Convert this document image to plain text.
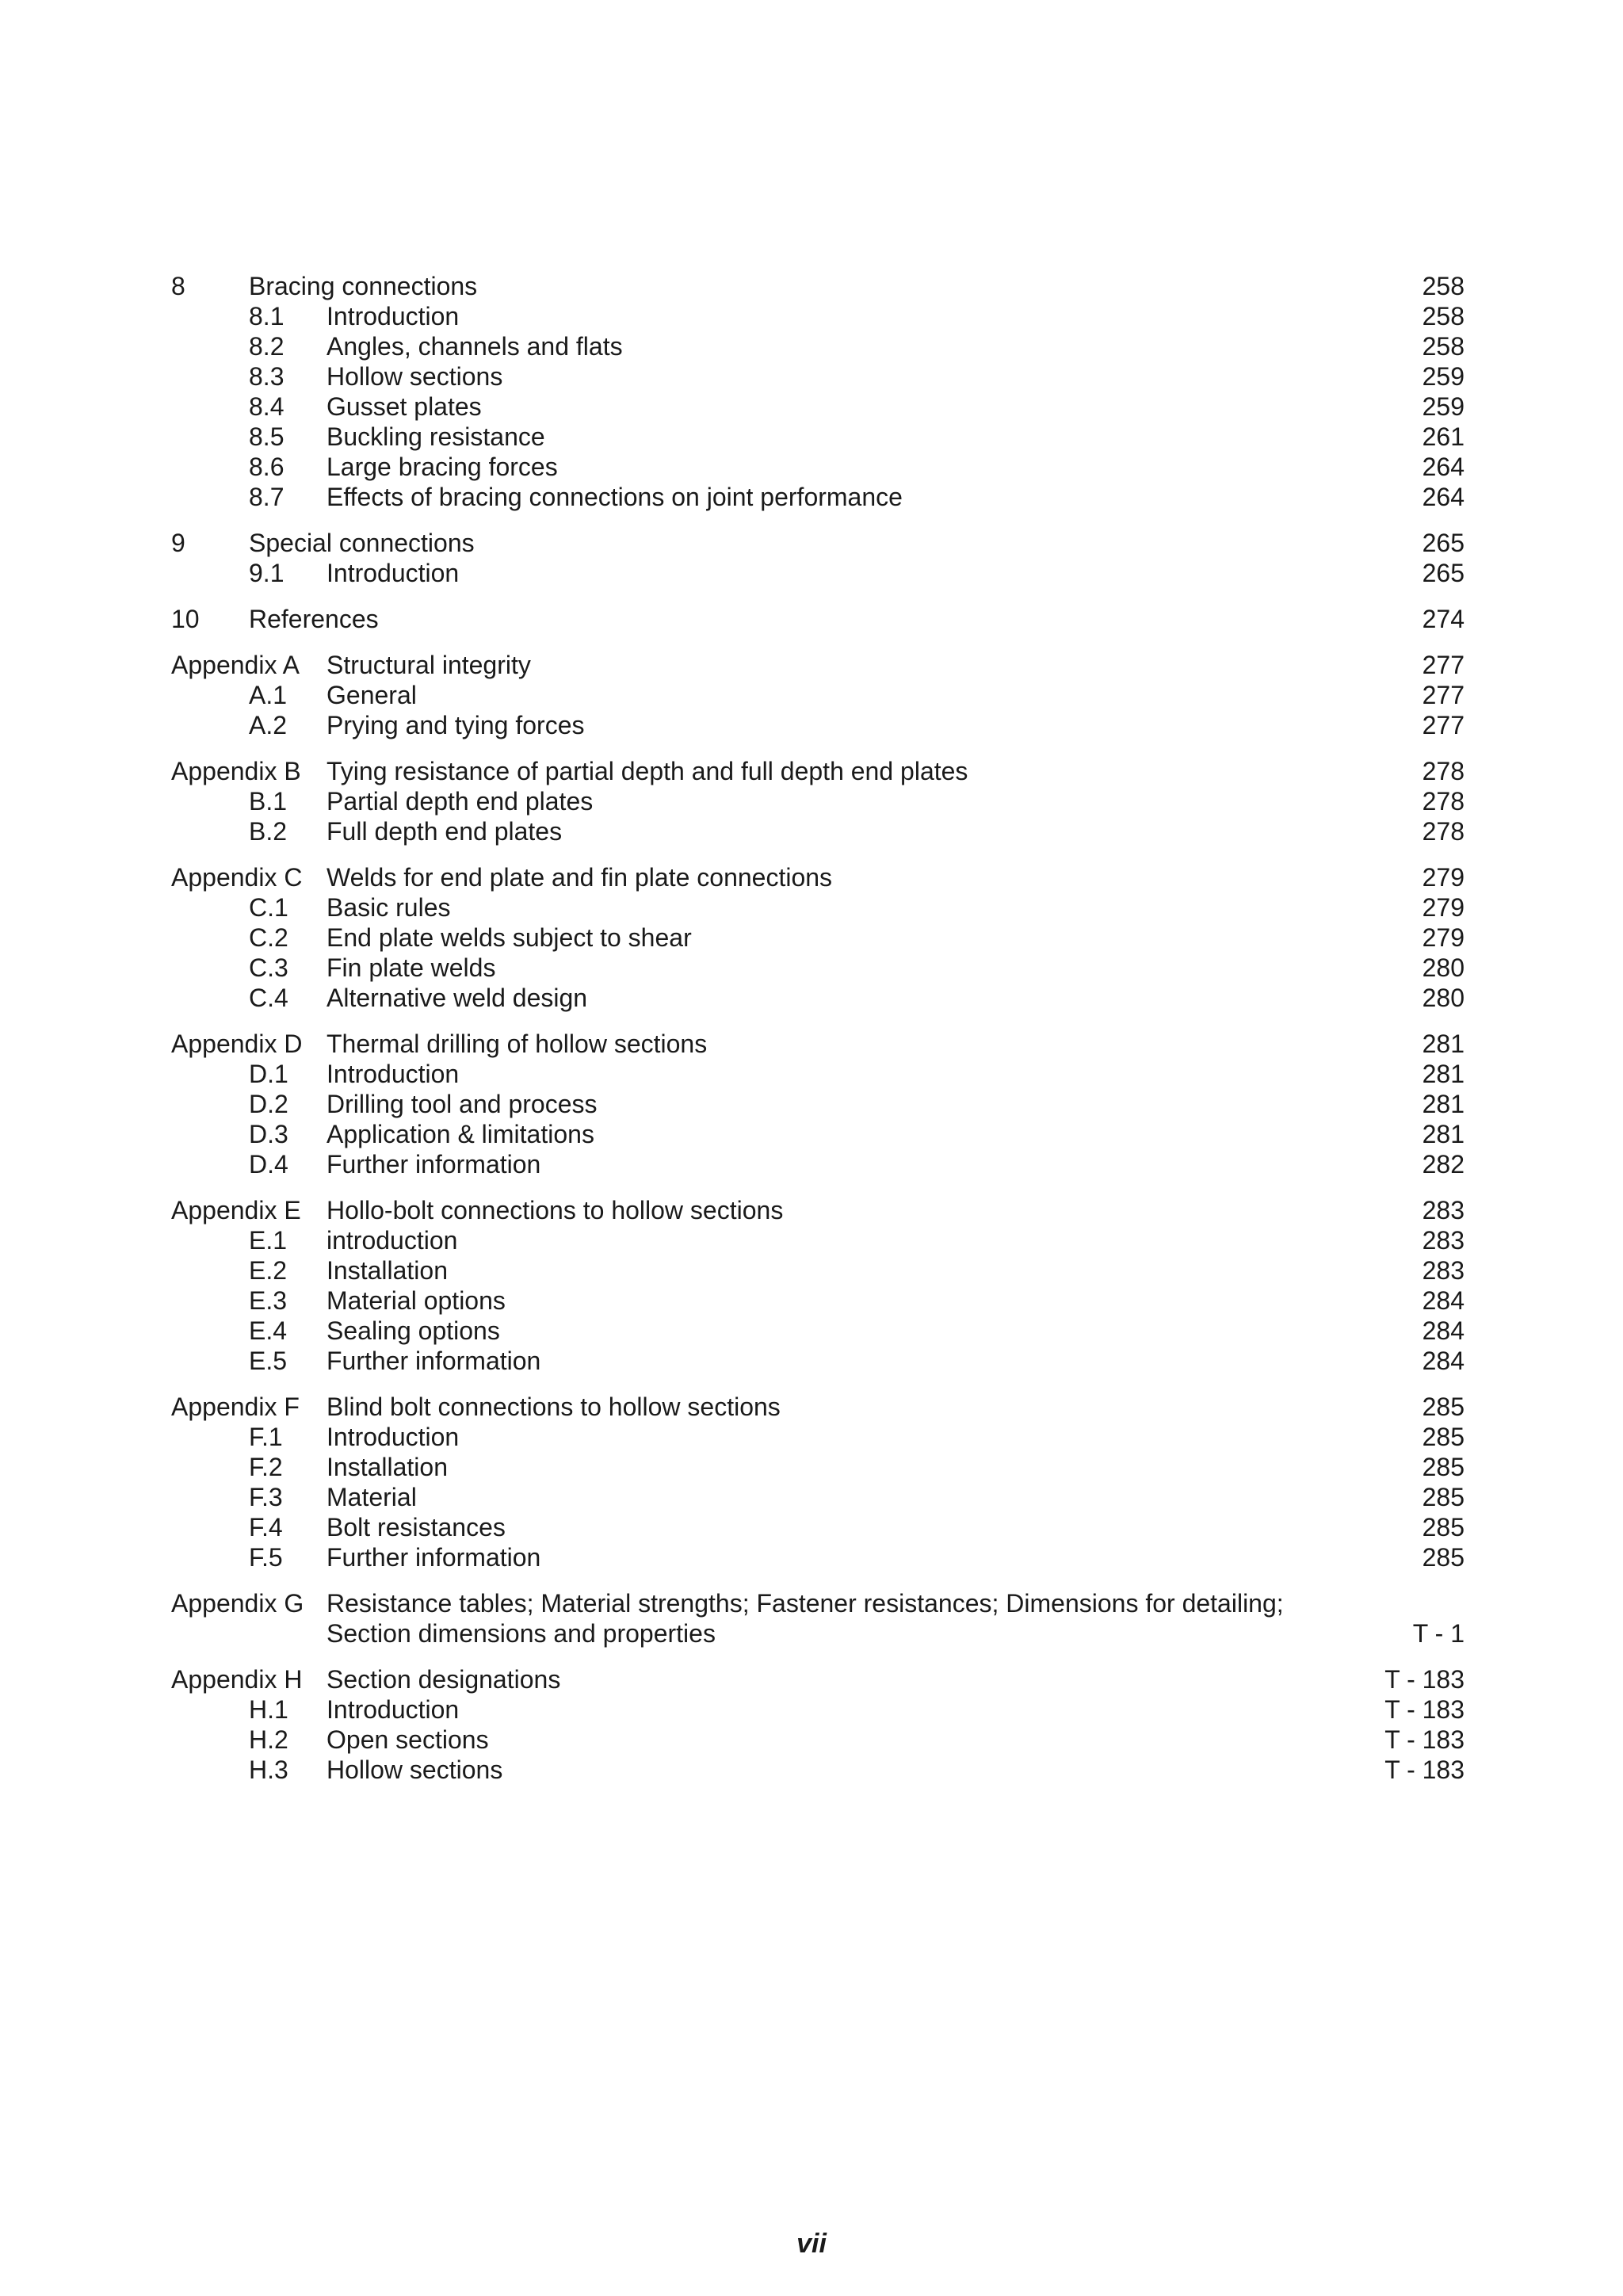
8	Bracing connections	258
8.1 Introduction	258
8.2 Angles, channels and flats	258
8.3 Hollow sections	259
8.4 Gusset plates	259
8.5 Buckling resistance	261
8.6 Large bracing forces	264
8.7 Effects of bracing connections on joint performance	264
9	Special connections	265
9.1 Introduction	265
10 References	274
Appendix A Structural integrity	277
A.1 General	277
A.2 Prying and tying forces	277
Appendix B Tying resistance of partial depth and full depth end plates	278
B.1 Partial depth end plates	278
B.2 Full depth end plates	278
Appendix C Welds for end plate and fin plate connections	279
C.1 Basic rules	279
C.2 End plate welds subject to shear	279
C.3 Fin plate welds	280
C.4 Alternative weld design	280
Appendix D Thermal drilling of hollow sections	281
D.1 Introduction	281
D.2 Drilling tool and process	281
D.3 Application & limitations	281
D.4 Further information	282
Appendix E Hollo-bolt connections to hollow sections	283
E.1 introduction	283
E.2 Installation	283
E.3 Material options	284
E.4 Sealing options	284
E.5 Further information	284
Appendix F Blind bolt connections to hollow sections	285
F.1 Introduction	285
F.2 Installation	285
F.3 Material	285
F.4 Bolt resistances	285
F.5 Further information	285
Appendix G Resistance tables; Material strengths; Fastener resistances; Dimensions for detailing;
Section dimensions and properties	T - 1
Appendix H Section designations	T - 183
H.1 Introduction	T - 183
H.2 Open sections	T - 183
H.3 Hollow sections	T - 183
vii
